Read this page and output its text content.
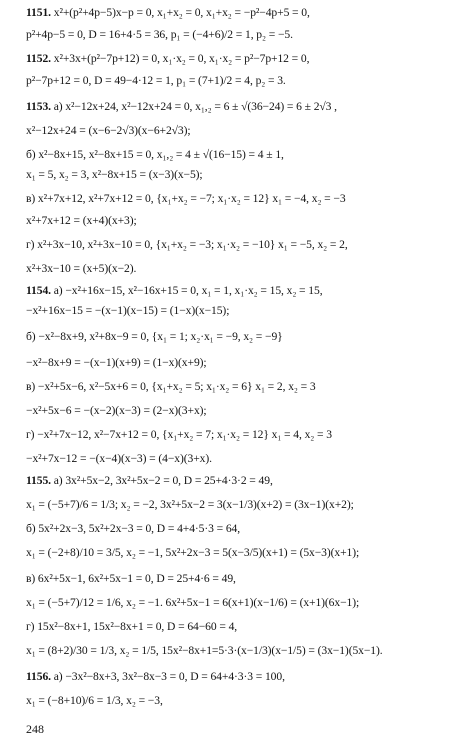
1151. x²+(p²+4p−5)x−p = 0, x₁+x₂ = 0, x₁+x₂ = −p²−4p+5 = 0,
p²+4p−5 = 0, D = 16+4·5 = 36, p₁ = (−4+6)/2 = 1, p₂ = −5.
1152. x²+3x+(p²−7p+12) = 0, x₁·x₂ = 0, x₁·x₂ = p²−7p+12 = 0,
p²−7p+12 = 0, D = 49−4·12 = 1, p₁ = (7+1)/2 = 4, p₂ = 3.
1153. а) x²−12x+24, x²−12x+24 = 0, x₁,₂ = 6 ± √(36−24) = 6 ± 2√3 ,
x²−12x+24 = (x−6−2√3)(x−6+2√3);
б) x²−8x+15, x²−8x+15 = 0, x₁,₂ = 4 ± √(16−15) = 4 ± 1,
x₁ = 5, x₂ = 3, x²−8x+15 = (x−3)(x−5);
в) x²+7x+12, x²+7x+12 = 0, {x₁+x₂ = −7; x₁·x₂ = 12} x₁ = −4, x₂ = −3
x²+7x+12 = (x+4)(x+3);
г) x²+3x−10, x²+3x−10 = 0, {x₁+x₂ = −3; x₁·x₂ = −10} x₁ = −5, x₂ = 2,
x²+3x−10 = (x+5)(x−2).
1154. а) −x²+16x−15, x²−16x+15 = 0, x₁ = 1, x₁·x₂ = 15, x₂ = 15,
−x²+16x−15 = −(x−1)(x−15) = (1−x)(x−15);
б) −x²−8x+9, x²+8x−9 = 0, {x₁ = 1; x₂·x₁ = −9, x₂ = −9}
−x²−8x+9 = −(x−1)(x+9) = (1−x)(x+9);
в) −x²+5x−6, x²−5x+6 = 0, {x₁+x₂ = 5; x₁·x₂ = 6} x₁ = 2, x₂ = 3
−x²+5x−6 = −(x−2)(x−3) = (2−x)(3+x);
г) −x²+7x−12, x²−7x+12 = 0, {x₁+x₂ = 7; x₁·x₂ = 12} x₁ = 4, x₂ = 3
−x²+7x−12 = −(x−4)(x−3) = (4−x)(3+x).
1155. а) 3x²+5x−2, 3x²+5x−2 = 0, D = 25+4·3·2 = 49,
x₁ = (−5+7)/6 = 1/3; x₂ = −2, 3x²+5x−2 = 3(x−1/3)(x+2) = (3x−1)(x+2);
б) 5x²+2x−3, 5x²+2x−3 = 0, D = 4+4·5·3 = 64,
x₁ = (−2+8)/10 = 3/5, x₂ = −1, 5x²+2x−3 = 5(x−3/5)(x+1) = (5x−3)(x+1);
в) 6x²+5x−1, 6x²+5x−1 = 0, D = 25+4·6 = 49,
x₁ = (−5+7)/12 = 1/6, x₂ = −1. 6x²+5x−1 = 6(x+1)(x−1/6) = (x+1)(6x−1);
г) 15x²−8x+1, 15x²−8x+1 = 0, D = 64−60 = 4,
x₁ = (8+2)/30 = 1/3, x₂ = 1/5, 15x²−8x+1=5·3·(x−1/3)(x−1/5) = (3x−1)(5x−1).
1156. а) −3x²−8x+3, 3x²−8x−3 = 0, D = 64+4·3·3 = 100,
x₁ = (−8+10)/6 = 1/3, x₂ = −3,
248
